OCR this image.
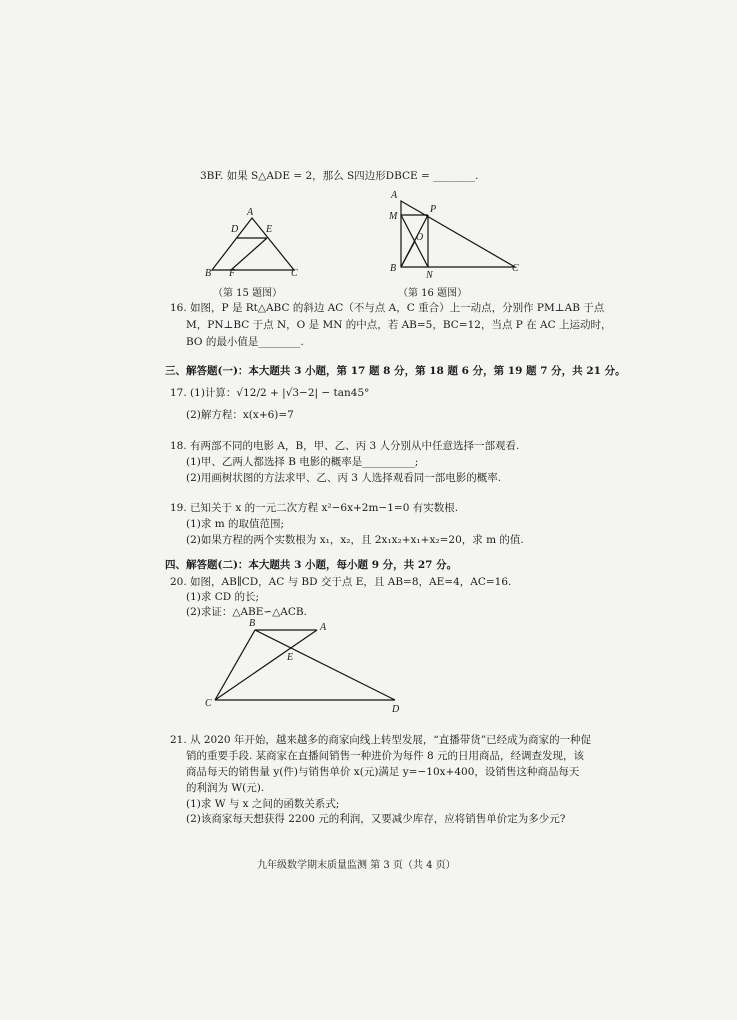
3BF. 如果 S△ADE = 2，那么 S四边形DBCE = ________.
A
D	E
B F	C
（第 15 题图）
A
M
P
O
B
N
C
（第 16 题图）
16. 如图，P 是 Rt△ABC 的斜边 AC（不与点 A，C 重合）上一动点，分别作 PM⊥AB 于点
M，PN⊥BC 于点 N，O 是 MN 的中点，若 AB=5，BC=12，当点 P 在 AC 上运动时，
BO 的最小值是________.
三、解答题(一)：本大题共 3 小题，第 17 题 8 分，第 18 题 6 分，第 19 题 7 分，共 21 分。
17. (1)计算：√12/2 + |√3−2| − tan45°
(2)解方程：x(x+6)=7
18. 有两部不同的电影 A，B，甲、乙、丙 3 人分别从中任意选择一部观看.
(1)甲、乙两人都选择 B 电影的概率是__________;
(2)用画树状图的方法求甲、乙、丙 3 人选择观看同一部电影的概率.
19. 已知关于 x 的一元二次方程 x²−6x+2m−1=0 有实数根.
(1)求 m 的取值范围;
(2)如果方程的两个实数根为 x₁，x₂，且 2x₁x₂+x₁+x₂=20，求 m 的值.
四、解答题(二)：本大题共 3 小题，每小题 9 分，共 27 分。
20. 如图，AB∥CD，AC 与 BD 交于点 E，且 AB=8，AE=4，AC=16.
(1)求 CD 的长;
(2)求证：△ABE∽△ACB.
B	A
E
C
D
21. 从 2020 年开始，越来越多的商家向线上转型发展，“直播带货”已经成为商家的一种促
销的重要手段. 某商家在直播间销售一种进价为每件 8 元的日用商品，经调查发现，该
商品每天的销售量 y(件)与销售单价 x(元)满足 y=−10x+400，设销售这种商品每天
的利润为 W(元).
(1)求 W 与 x 之间的函数关系式;
(2)该商家每天想获得 2200 元的利润，又要减少库存，应将销售单价定为多少元?
九年级数学期末质量监测 第 3 页（共 4 页）
